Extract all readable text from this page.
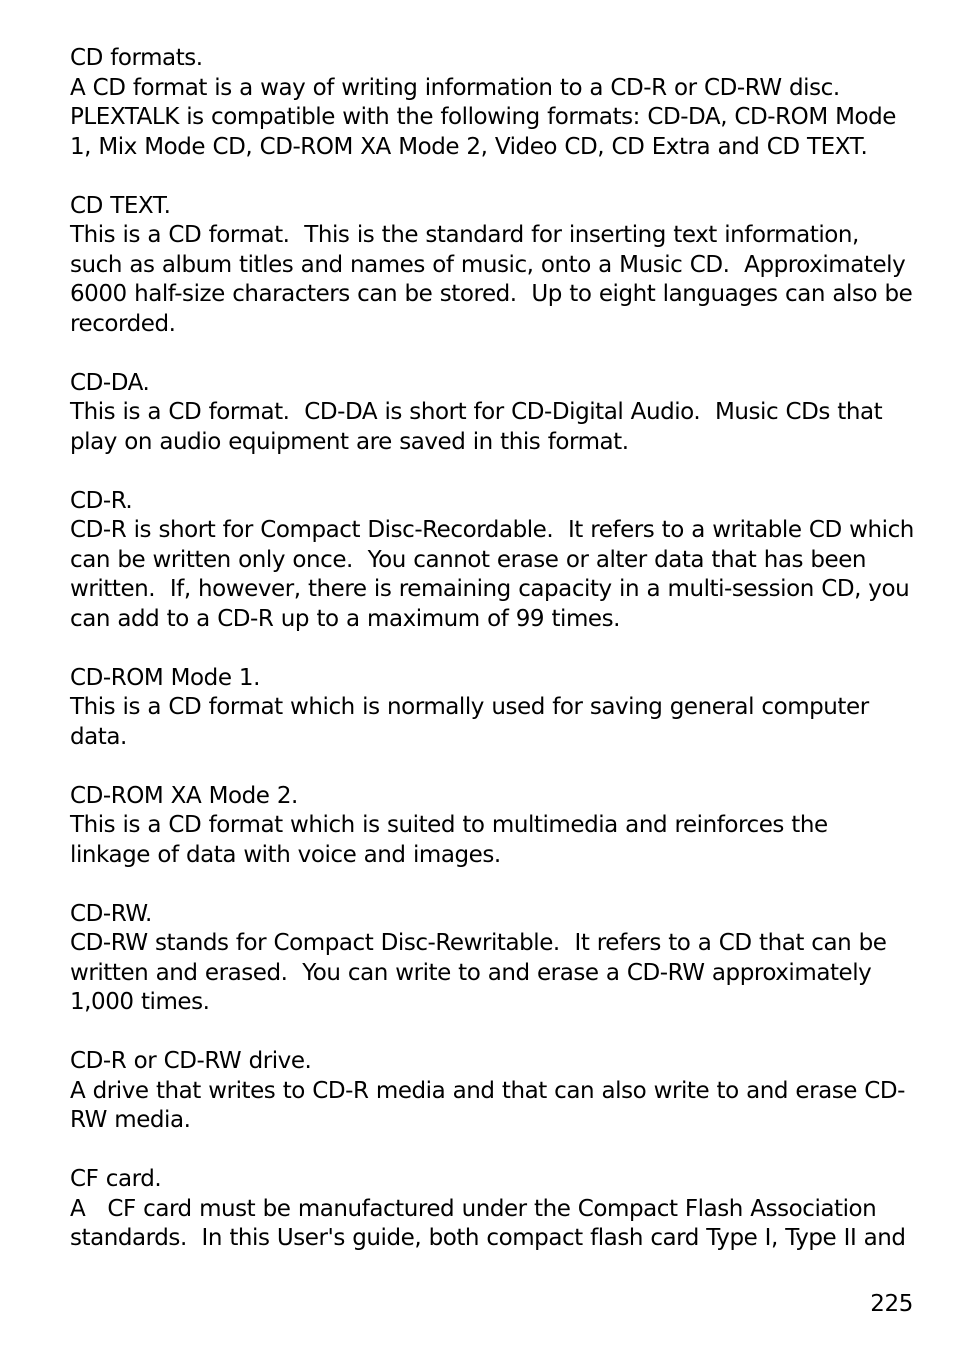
CD formats.
A CD format is a way of writing information to a CD-R or CD-RW disc. PLEXTALK is compatible with the following formats: CD-DA, CD-ROM Mode 1, Mix Mode CD, CD-ROM XA Mode 2, Video CD, CD Extra and CD TEXT.
CD TEXT.
This is a CD format.  This is the standard for inserting text information, such as album titles and names of music, onto a Music CD.  Approximately 6000 half-size characters can be stored.  Up to eight languages can also be recorded.
CD-DA.
This is a CD format.  CD-DA is short for CD-Digital Audio.  Music CDs that play on audio equipment are saved in this format.
CD-R.
CD-R is short for Compact Disc-Recordable.  It refers to a writable CD which can be written only once.  You cannot erase or alter data that has been written.  If, however, there is remaining capacity in a multi-session CD, you can add to a CD-R up to a maximum of 99 times.
CD-ROM Mode 1.
This is a CD format which is normally used for saving general computer data.
CD-ROM XA Mode 2.
This is a CD format which is suited to multimedia and reinforces the linkage of data with voice and images.
CD-RW.
CD-RW stands for Compact Disc-Rewritable.  It refers to a CD that can be written and erased.  You can write to and erase a CD-RW approximately 1,000 times.
CD-R or CD-RW drive.
A drive that writes to CD-R media and that can also write to and erase CD-RW media.
CF card.
A   CF card must be manufactured under the Compact Flash Association standards.  In this User's guide, both compact flash card Type I, Type II and
225
